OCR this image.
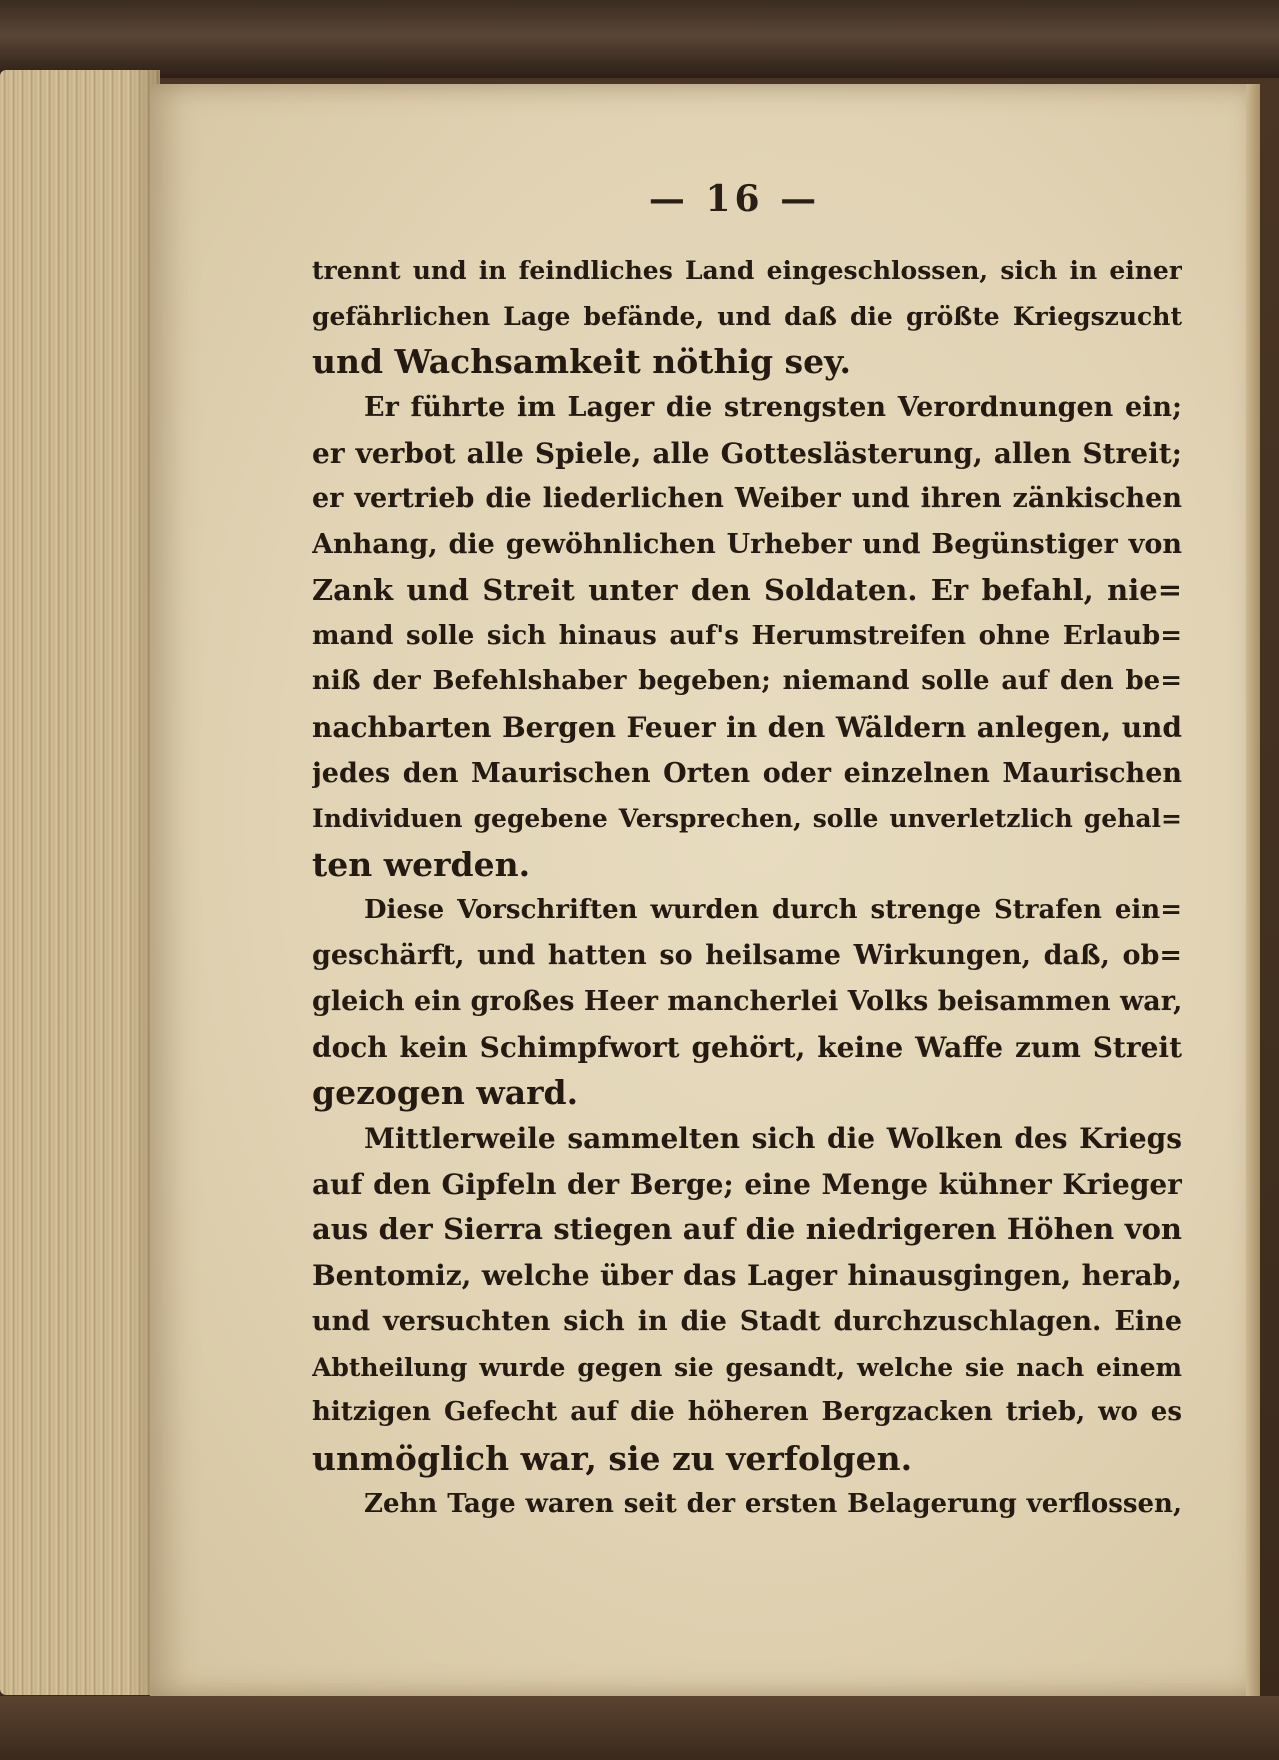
— 16 —
trennt und in feindliches Land eingeschlossen, sich in einer
gefährlichen Lage befände, und daß die größte Kriegszucht
und Wachsamkeit nöthig sey.
Er führte im Lager die strengsten Verordnungen ein;
er verbot alle Spiele, alle Gotteslästerung, allen Streit;
er vertrieb die liederlichen Weiber und ihren zänkischen
Anhang, die gewöhnlichen Urheber und Begünstiger von
Zank und Streit unter den Soldaten. Er befahl, nie=
mand solle sich hinaus auf's Herumstreifen ohne Erlaub=
niß der Befehlshaber begeben; niemand solle auf den be=
nachbarten Bergen Feuer in den Wäldern anlegen, und
jedes den Maurischen Orten oder einzelnen Maurischen
Individuen gegebene Versprechen, solle unverletzlich gehal=
ten werden.
Diese Vorschriften wurden durch strenge Strafen ein=
geschärft, und hatten so heilsame Wirkungen, daß, ob=
gleich ein großes Heer mancherlei Volks beisammen war,
doch kein Schimpfwort gehört, keine Waffe zum Streit
gezogen ward.
Mittlerweile sammelten sich die Wolken des Kriegs
auf den Gipfeln der Berge; eine Menge kühner Krieger
aus der Sierra stiegen auf die niedrigeren Höhen von
Bentomiz, welche über das Lager hinausgingen, herab,
und versuchten sich in die Stadt durchzuschlagen. Eine
Abtheilung wurde gegen sie gesandt, welche sie nach einem
hitzigen Gefecht auf die höheren Bergzacken trieb, wo es
unmöglich war, sie zu verfolgen.
Zehn Tage waren seit der ersten Belagerung verflossen,
